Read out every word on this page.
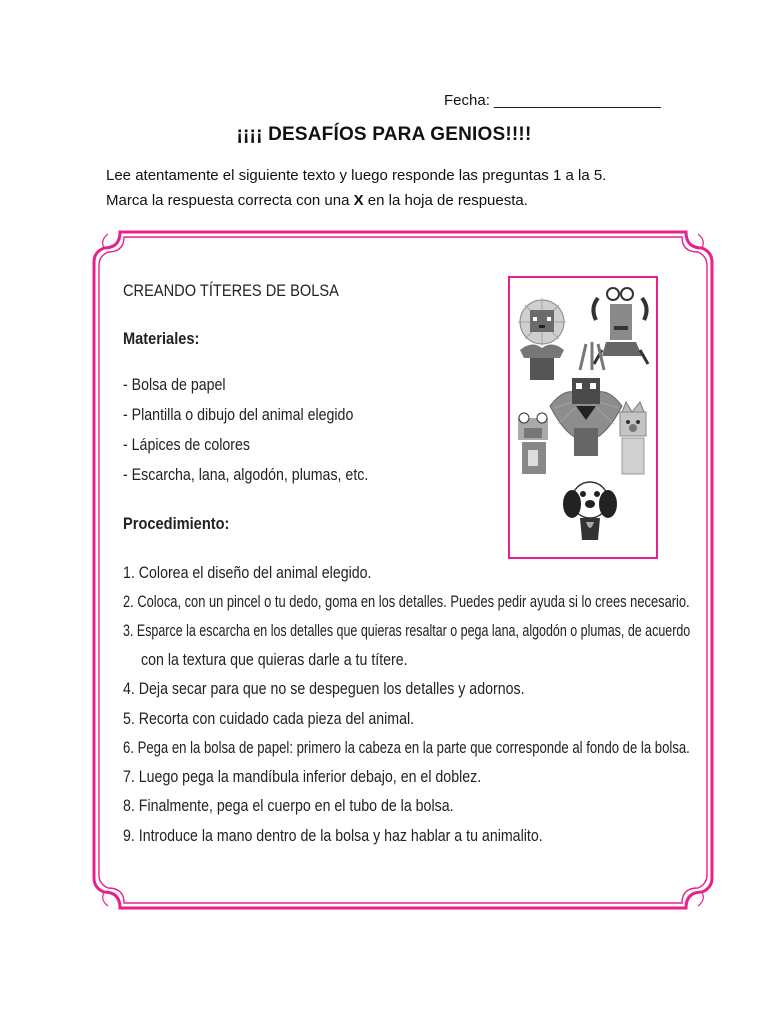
Fecha: ____________________
¡¡¡¡ DESAFÍOS PARA GENIOS!!!!
Lee atentamente el siguiente texto y luego responde las preguntas 1 a la 5.
Marca la respuesta correcta con una X en la hoja de respuesta.
CREANDO TÍTERES DE BOLSA
Materiales:
- Bolsa de papel
- Plantilla o dibujo del animal elegido
- Lápices de colores
- Escarcha, lana, algodón, plumas, etc.
Procedimiento:
1. Colorea el diseño del animal elegido.
2. Coloca, con un pincel o tu dedo, goma en los detalles. Puedes pedir ayuda si lo crees necesario.
3. Esparce la escarcha en los detalles que quieras resaltar o pega lana, algodón o plumas, de acuerdo
con la textura que quieras darle a tu títere.
4. Deja secar para que no se despeguen los detalles y adornos.
5. Recorta con cuidado cada pieza del animal.
6. Pega en la bolsa de papel: primero la cabeza en la parte que corresponde al fondo de la bolsa.
7. Luego pega la mandíbula inferior debajo, en el doblez.
8. Finalmente, pega el cuerpo en el tubo de la bolsa.
9. Introduce la mano dentro de la bolsa y haz hablar a tu animalito.
